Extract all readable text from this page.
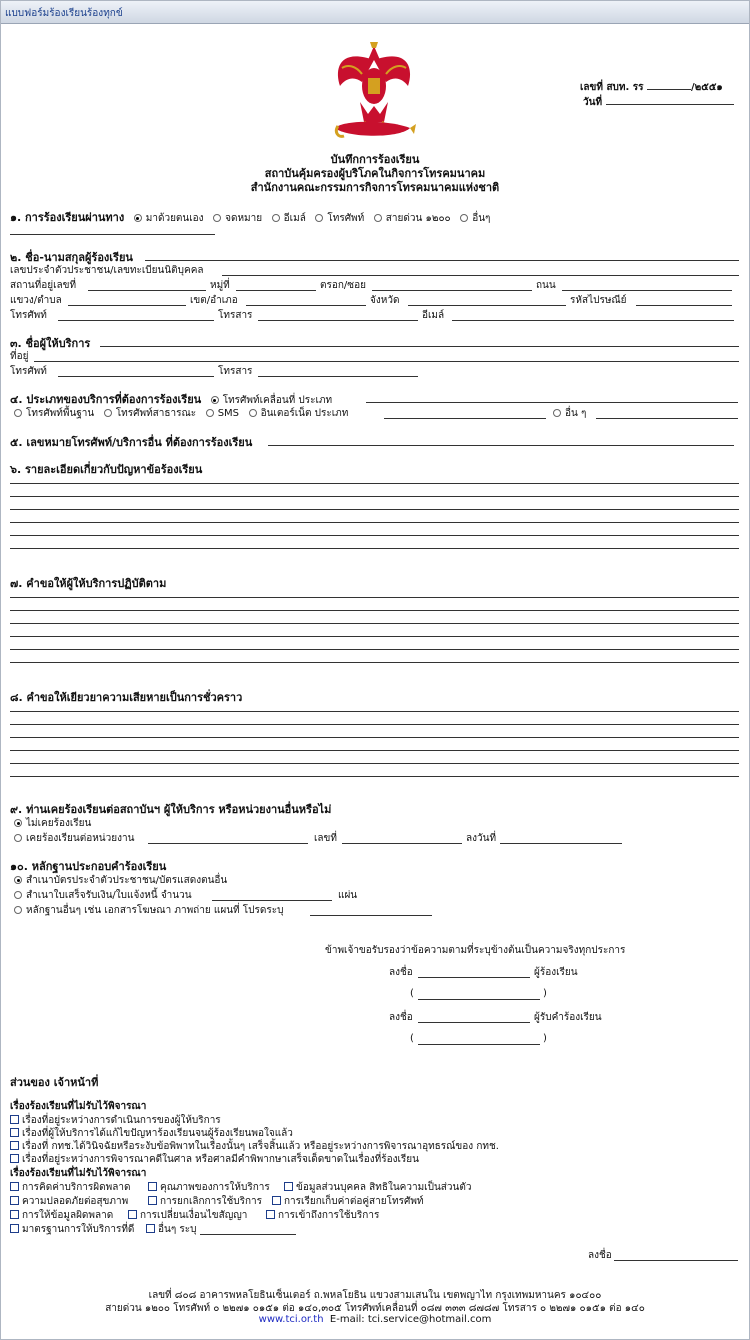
แบบฟอร์มร้องเรียนร้องทุกข์
เลขที่ สบท. รร	/๒๕๕๑
วันที่
บันทึกการร้องเรียน
สถาบันคุ้มครองผู้บริโภคในกิจการโทรคมนาคม
สำนักงานคณะกรรมการกิจการโทรคมนาคมแห่งชาติ
๑. การร้องเรียนผ่านทาง มาด้วยตนเอง จดหมาย อีเมล์ โทรศัพท์ สายด่วน ๑๒๐๐ อื่นๆ
๒. ชื่อ-นามสกุลผู้ร้องเรียน
เลขประจำตัวประชาชน/เลขทะเบียนนิติบุคคล
สถานที่อยู่เลขที่	หมู่ที่	ตรอก/ซอย	ถนน
แขวง/ตำบล	เขต/อำเภอ	จังหวัด	รหัสไปรษณีย์
โทรศัพท์	โทรสาร	อีเมล์
๓. ชื่อผู้ให้บริการ
ที่อยู่
โทรศัพท์	โทรสาร
๔. ประเภทของบริการที่ต้องการร้องเรียน โทรศัพท์เคลื่อนที่ ประเภท
โทรศัพท์พื้นฐาน โทรศัพท์สาธารณะ SMS อินเตอร์เน็ต ประเภท	อื่น ๆ
๕. เลขหมายโทรศัพท์/บริการอื่น ที่ต้องการร้องเรียน
๖. รายละเอียดเกี่ยวกับปัญหาข้อร้องเรียน
๗. คำขอให้ผู้ให้บริการปฏิบัติตาม
๘. คำขอให้เยียวยาความเสียหายเป็นการชั่วคราว
๙. ท่านเคยร้องเรียนต่อสถาบันฯ ผู้ให้บริการ หรือหน่วยงานอื่นหรือไม่
ไม่เคยร้องเรียน
เคยร้องเรียนต่อหน่วยงาน	เลขที่	ลงวันที่
๑๐. หลักฐานประกอบคำร้องเรียน
สำเนาบัตรประจำตัวประชาชน/บัตรแสดงตนอื่น
สำเนาใบเสร็จรับเงิน/ใบแจ้งหนี้ จำนวน	แผ่น
หลักฐานอื่นๆ เช่น เอกสารโฆษณา ภาพถ่าย แผนที่ โปรดระบุ
ข้าพเจ้าขอรับรองว่าข้อความตามที่ระบุข้างต้นเป็นความจริงทุกประการ
ลงชื่อ	ผู้ร้องเรียน
(	)
ลงชื่อ	ผู้รับคำร้องเรียน
(	)
ส่วนของ เจ้าหน้าที่
เรื่องร้องเรียนที่ไม่รับไว้พิจารณา
เรื่องที่อยู่ระหว่างการดำเนินการของผู้ให้บริการ
เรื่องที่ผู้ให้บริการได้แก้ไขปัญหาร้องเรียนจนผู้ร้องเรียนพอใจแล้ว
เรื่องที่ กทช.ได้วินิจฉัยหรือระงับข้อพิพาทในเรื่องนั้นๆ เสร็จสิ้นแล้ว หรืออยู่ระหว่างการพิจารณาอุทธรณ์ของ กทช.
เรื่องที่อยู่ระหว่างการพิจารณาคดีในศาล หรือศาลมีคำพิพากษาเสร็จเด็ดขาดในเรื่องที่ร้องเรียน
เรื่องร้องเรียนที่ไม่รับไว้พิจารณา
การคิดค่าบริการผิดพลาด	คุณภาพของการให้บริการ	ข้อมูลส่วนบุคคล สิทธิในความเป็นส่วนตัว
ความปลอดภัยต่อสุขภาพ	การยกเลิกการใช้บริการ	การเรียกเก็บค่าต่อคู่สายโทรศัพท์
การให้ข้อมูลผิดพลาด	การเปลี่ยนเงื่อนไขสัญญา	การเข้าถึงการใช้บริการ
มาตรฐานการให้บริการที่ดี	อื่นๆ ระบุ
ลงชื่อ
เลขที่ ๘๐๘ อาคารพหลโยธินเซ็นเตอร์ ถ.พหลโยธิน แขวงสามเสนใน เขตพญาไท กรุงเทพมหานคร ๑๐๔๐๐
สายด่วน ๑๒๐๐ โทรศัพท์ ๐ ๒๒๗๑ ๐๑๕๑ ต่อ ๑๔๐,๓๐๕ โทรศัพท์เคลื่อนที่ ๐๘๗ ๓๓๓ ๘๗๘๗ โทรสาร ๐ ๒๒๗๑ ๐๑๕๑ ต่อ ๑๔๐
www.tci.or.th E-mail: tci.service@hotmail.com
